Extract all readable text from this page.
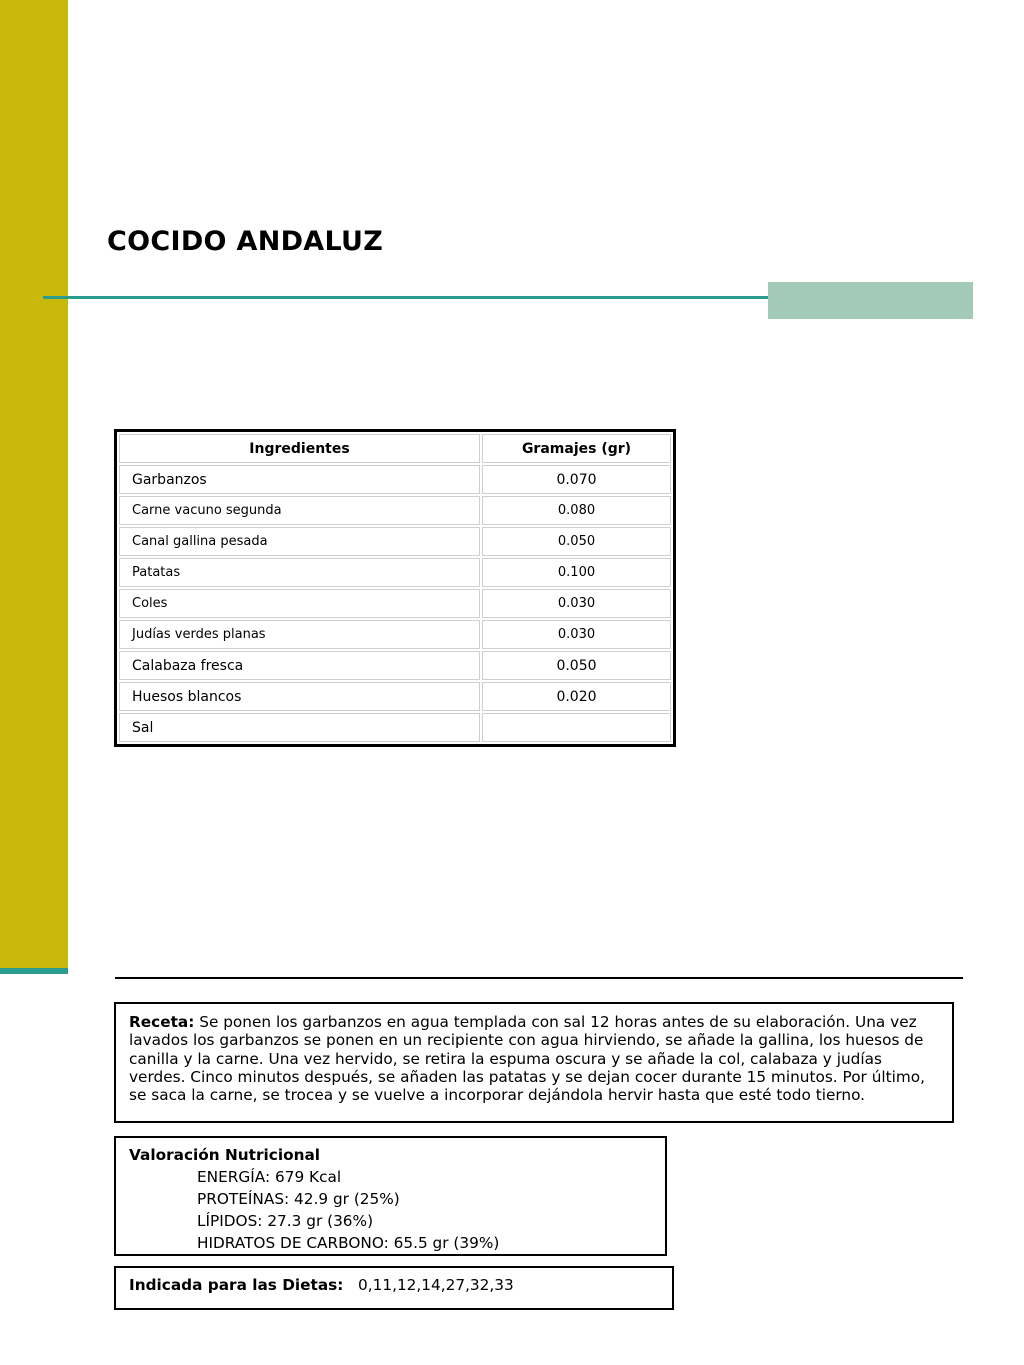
COCIDO ANDALUZ
Ingredientes	Gramajes (gr)
Garbanzos	0.070
Carne vacuno segunda	0.080
Canal gallina pesada	0.050
Patatas	0.100
Coles	0.030
Judías verdes planas	0.030
Calabaza fresca	0.050
Huesos blancos	0.020
Sal	
Receta: Se ponen los garbanzos en agua templada con sal 12 horas antes de su elaboración. Una vez lavados los garbanzos se ponen en un recipiente con agua hirviendo, se añade la gallina, los huesos de canilla y la carne. Una vez hervido, se retira la espuma oscura y se añade la col, calabaza y judías verdes. Cinco minutos después, se añaden las patatas y se dejan cocer durante 15 minutos. Por último, se saca la carne, se trocea y se vuelve a incorporar dejándola hervir hasta que esté todo tierno.
Valoración Nutricional
ENERGÍA: 679 Kcal
PROTEÍNAS: 42.9 gr (25%)
LÍPIDOS: 27.3 gr (36%)
HIDRATOS DE CARBONO: 65.5 gr (39%)
Indicada para las Dietas: 0,11,12,14,27,32,33
